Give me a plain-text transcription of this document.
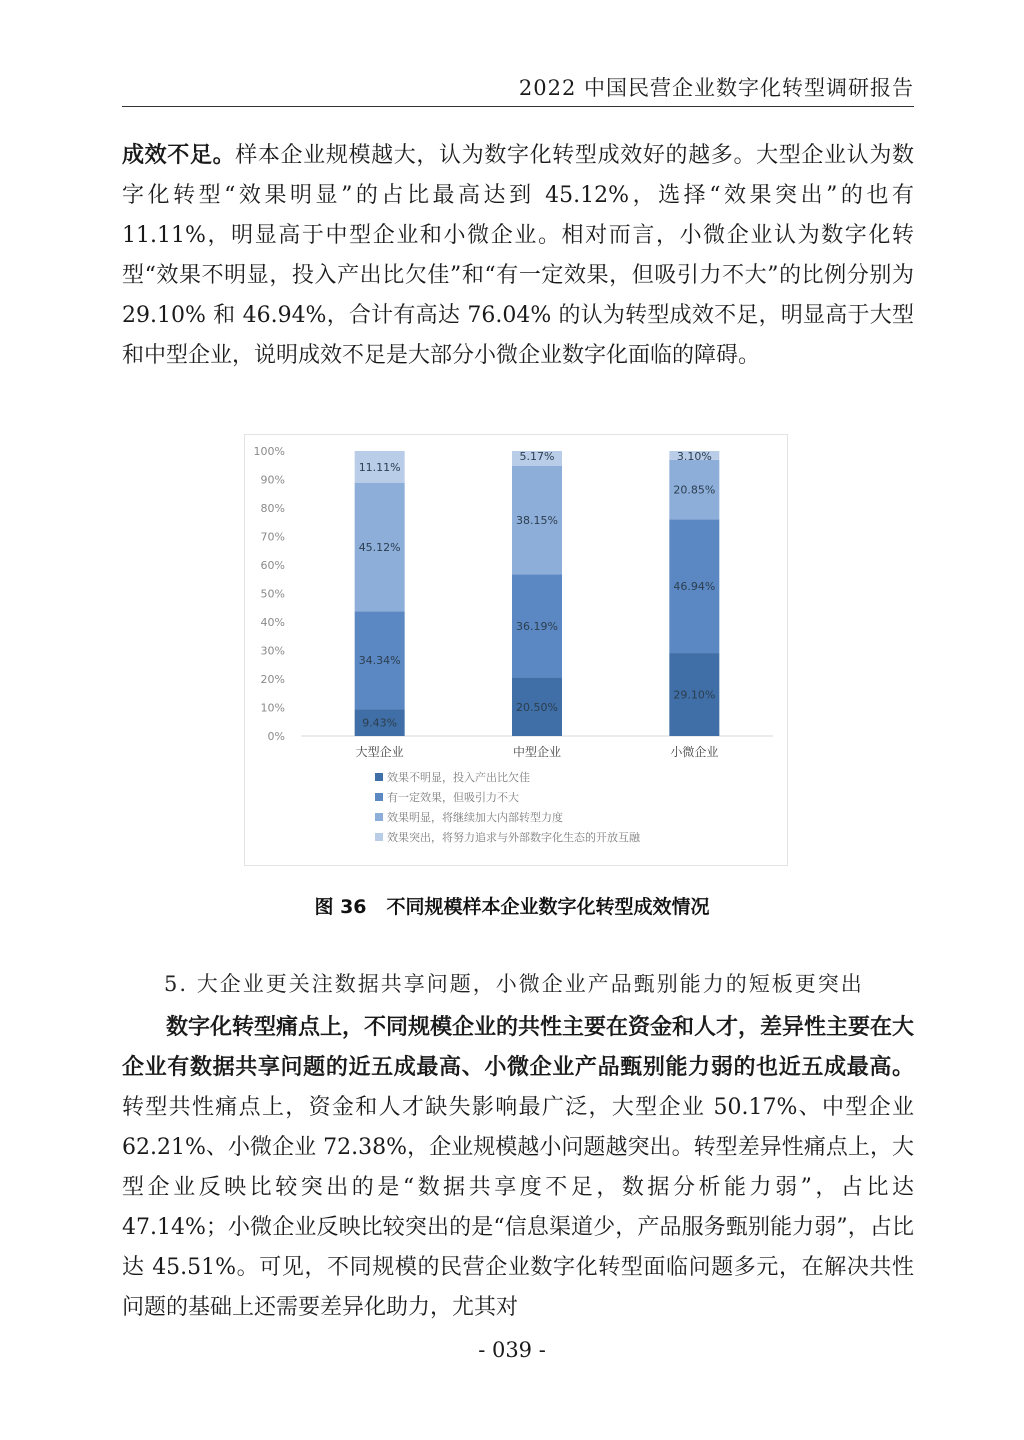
2022 中国民营企业数字化转型调研报告

成效不足。样本企业规模越大，认为数字化转型成效好的越多。大型企业认为数字化转型“效果明显”的占比最高达到 45.12%，选择“效果突出”的也有 11.11%，明显高于中型企业和小微企业。相对而言，小微企业认为数字化转型“效果不明显，投入产出比欠佳”和“有一定效果，但吸引力不大”的比例分别为 29.10% 和 46.94%，合计有高达 76.04% 的认为转型成效不足，明显高于大型和中型企业，说明成效不足是大部分小微企业数字化面临的障碍。

0%
10%
20%
30%
40%
50%
60%
70%
80%
90%
100%
9.43%
34.34%
45.12%
11.11%
大型企业
20.50%
36.19%
38.15%
5.17%
中型企业
29.10%
46.94%
20.85%
3.10%
小微企业
效果不明显，投入产出比欠佳
有一定效果，但吸引力不大
效果明显，将继续加大内部转型力度
效果突出，将努力追求与外部数字化生态的开放互融
图 36 不同规模样本企业数字化转型成效情况
5. 大企业更关注数据共享问题，小微企业产品甄别能力的短板更突出

数字化转型痛点上，不同规模企业的共性主要在资金和人才，差异性主要在大企业有数据共享问题的近五成最高、小微企业产品甄别能力弱的也近五成最高。转型共性痛点上，资金和人才缺失影响最广泛，大型企业 50.17%、中型企业 62.21%、小微企业 72.38%，企业规模越小问题越突出。转型差异性痛点上，大型企业反映比较突出的是“数据共享度不足，数据分析能力弱”，占比达 47.14%；小微企业反映比较突出的是“信息渠道少，产品服务甄别能力弱”，占比达 45.51%。可见，不同规模的民营企业数字化转型面临问题多元，在解决共性问题的基础上还需要差异化助力，尤其对

- 039 -
